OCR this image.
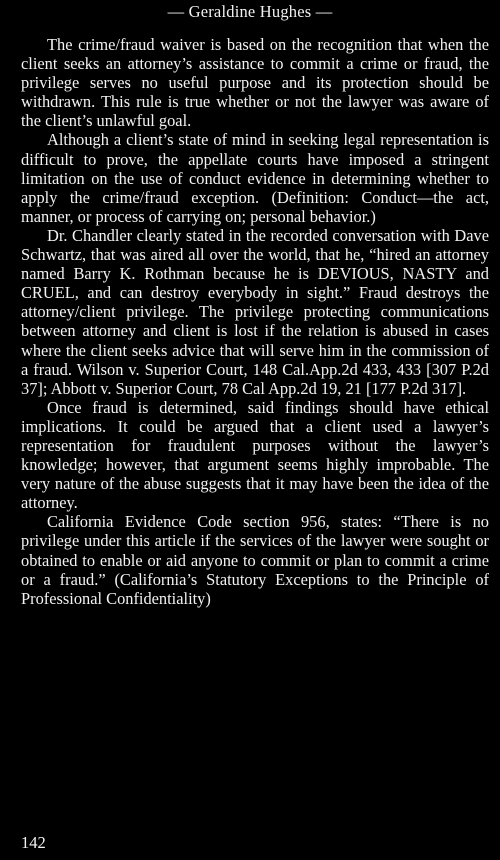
— Geraldine Hughes —

The crime/fraud waiver is based on the recognition that when the client seeks an attorney’s assistance to commit a crime or fraud, the privilege serves no useful purpose and its protection should be withdrawn. This rule is true whether or not the lawyer was aware of the client’s unlawful goal.

Although a client’s state of mind in seeking legal representation is difficult to prove, the appellate courts have imposed a stringent limitation on the use of conduct evidence in determining whether to apply the crime/fraud exception. (Definition: Conduct—the act, manner, or process of carrying on; personal behavior.)

Dr. Chandler clearly stated in the recorded conversation with Dave Schwartz, that was aired all over the world, that he, “hired an attorney named Barry K. Rothman because he is DEVIOUS, NASTY and CRUEL, and can destroy everybody in sight.” Fraud destroys the attorney/client privilege. The privilege protecting communications between attorney and client is lost if the relation is abused in cases where the client seeks advice that will serve him in the commission of a fraud. Wilson v. Superior Court, 148 Cal.App.2d 433, 433 [307 P.2d 37]; Abbott v. Superior Court, 78 Cal App.2d 19, 21 [177 P.2d 317].

Once fraud is determined, said findings should have ethical implications. It could be argued that a client used a lawyer’s representation for fraudulent purposes without the lawyer’s knowledge; however, that argument seems highly improbable. The very nature of the abuse suggests that it may have been the idea of the attorney.

California Evidence Code section 956, states: “There is no privilege under this article if the services of the lawyer were sought or obtained to enable or aid anyone to commit or plan to commit a crime or a fraud.” (California’s Statutory Exceptions to the Principle of Professional Confidentiality)

142
